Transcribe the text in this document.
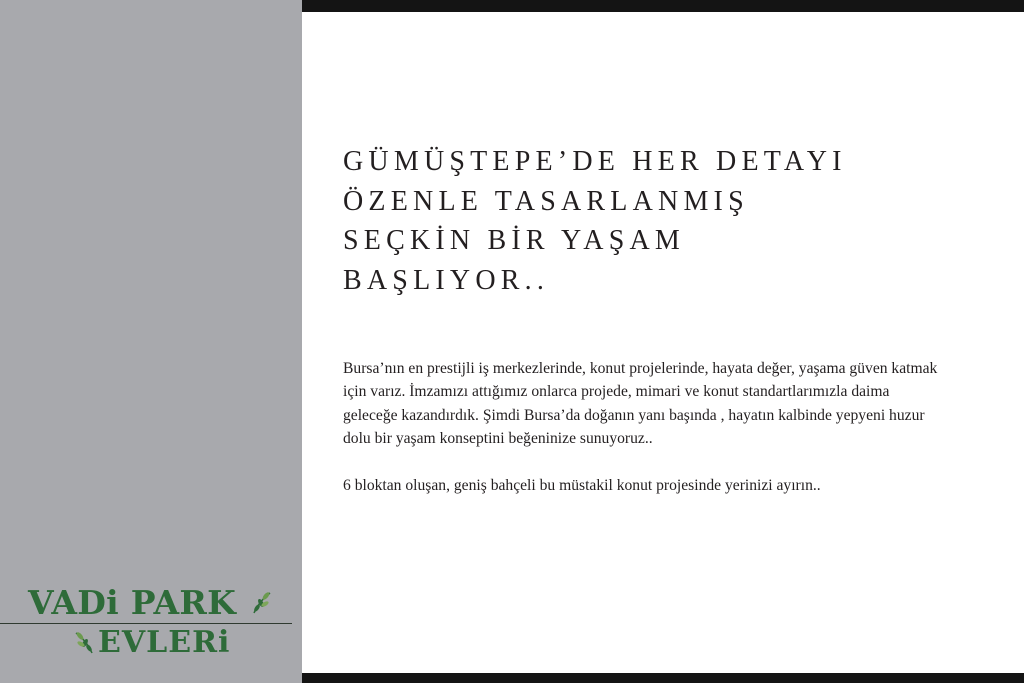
GÜMÜŞTEPE’DE HER DETAYI
ÖZENLE TASARLANMIŞ
SEÇKİN BİR YAŞAM
BAŞLIYOR..

Bursa’nın en prestijli iş merkezlerinde, konut projelerinde, hayata değer, yaşama güven katmak için varız. İmzamızı attığımız onlarca projede, mimari ve konut standartlarımızla daima geleceğe kazandırdık. Şimdi Bursa’da doğanın yanı başında , hayatın kalbinde yepyeni huzur dolu bir yaşam konseptini beğeninize sunuyoruz..

6 bloktan oluşan, geniş bahçeli bu müstakil konut projesinde yerinizi ayırın..

VADi PARK
EVLERi
